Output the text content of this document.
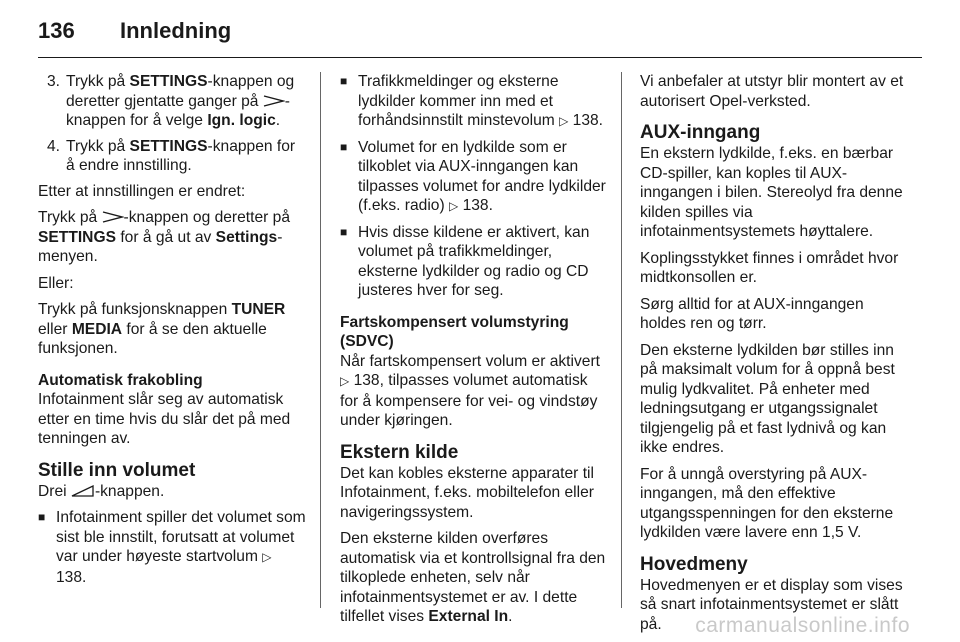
136	Innledning
3. Trykk på SETTINGS-knappen og deretter gjentatte ganger på -knappen for å velge Ign. logic.
4. Trykk på SETTINGS-knappen for å endre innstilling.

Etter at innstillingen er endret:

Trykk på -knappen og deretter på SETTINGS for å gå ut av Settings-menyen.

Eller:

Trykk på funksjonsknappen TUNER eller MEDIA for å se den aktuelle funksjonen.

Automatisk frakobling

Infotainment slår seg av automatisk etter en time hvis du slår det på med tenningen av.

Stille inn volumet

Drei -knappen.

■ Infotainment spiller det volumet som sist ble innstilt, forutsatt at volumet var under høyeste startvolum ▷ 138.
■ Trafikkmeldinger og eksterne lydkilder kommer inn med et forhåndsinnstilt minstevolum ▷ 138.
■ Volumet for en lydkilde som er tilkoblet via AUX-inngangen kan tilpasses volumet for andre lydkilder (f.eks. radio) ▷ 138.
■ Hvis disse kildene er aktivert, kan volumet på trafikkmeldinger, eksterne lydkilder og radio og CD justeres hver for seg.
Fartskompensert volumstyring (SDVC)

Når fartskompensert volum er aktivert ▷ 138, tilpasses volumet automatisk for å kompensere for vei- og vindstøy under kjøringen.

Ekstern kilde

Det kan kobles eksterne apparater til Infotainment, f.eks. mobiltelefon eller navigeringssystem.

Den eksterne kilden overføres automatisk via et kontrollsignal fra den tilkoplede enheten, selv når infotainmentsystemet er av. I dette tilfellet vises External In.

Vi anbefaler at utstyr blir montert av et autorisert Opel-verksted.

AUX-inngang

En ekstern lydkilde, f.eks. en bærbar CD-spiller, kan koples til AUX-inngangen i bilen. Stereolyd fra denne kilden spilles via infotainmentsystemets høyttalere.

Koplingsstykket finnes i området hvor midtkonsollen er.

Sørg alltid for at AUX-inngangen holdes ren og tørr.

Den eksterne lydkilden bør stilles inn på maksimalt volum for å oppnå best mulig lydkvalitet. På enheter med ledningsutgang er utgangssignalet tilgjengelig på et fast lydnivå og kan ikke endres.

For å unngå overstyring på AUX-inngangen, må den effektive utgangsspenningen for den eksterne lydkilden være lavere enn 1,5 V.

Hovedmeny

Hovedmenyen er et display som vises så snart infotainmentsystemet er slått på.	carmanualsonline.info
